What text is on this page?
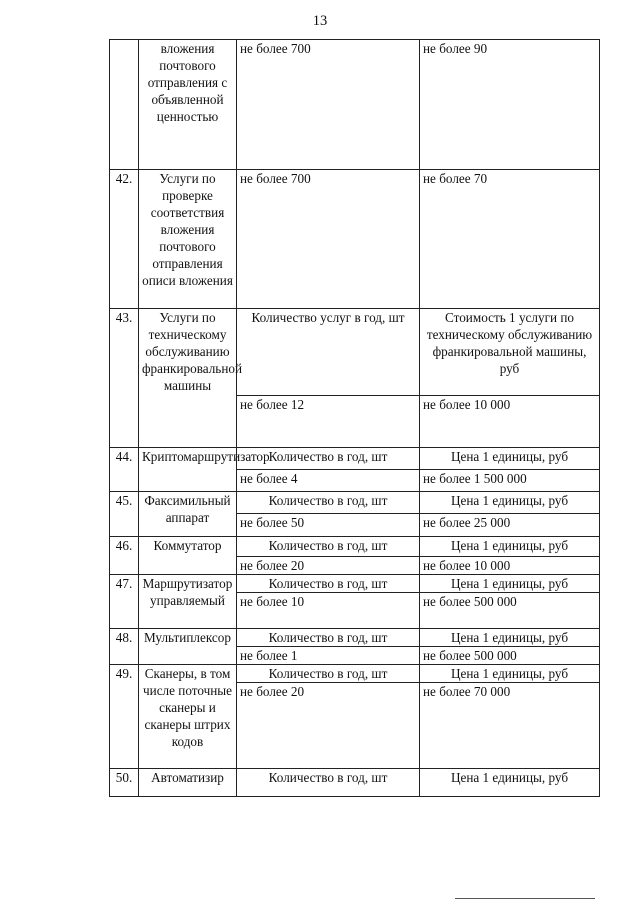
13
	вложения почтового отправления с объявленной ценностью	не более 700	не более 90
42.	Услуги по проверке соответствия вложения почтового отправления описи вложения	не более 700	не более 70
43.	Услуги по техническому обслуживанию франкировальной машины	Количество услуг в год, шт	Стоимость 1 услуги по техническому обслуживанию франкировальной машины, руб
		не более 12	не более 10 000
44.	Криптомаршрутизатор	Количество в год, шт	Цена 1 единицы, руб
		не более 4	не более 1 500 000
45.	Факсимильный аппарат	Количество в год, шт	Цена 1 единицы, руб
		не более 50	не более 25 000
46.	Коммутатор	Количество в год, шт	Цена 1 единицы, руб
		не более 20	не более 10 000
47.	Маршрутизатор управляемый	Количество в год, шт	Цена 1 единицы, руб
		не более 10	не более 500 000
48.	Мультиплексор	Количество в год, шт	Цена 1 единицы, руб
		не более 1	не более 500 000
49.	Сканеры, в том числе поточные сканеры и сканеры штрих кодов	Количество в год, шт	Цена 1 единицы, руб
		не более 20	не более 70 000
50.	Автоматизир	Количество в год, шт	Цена 1 единицы, руб
